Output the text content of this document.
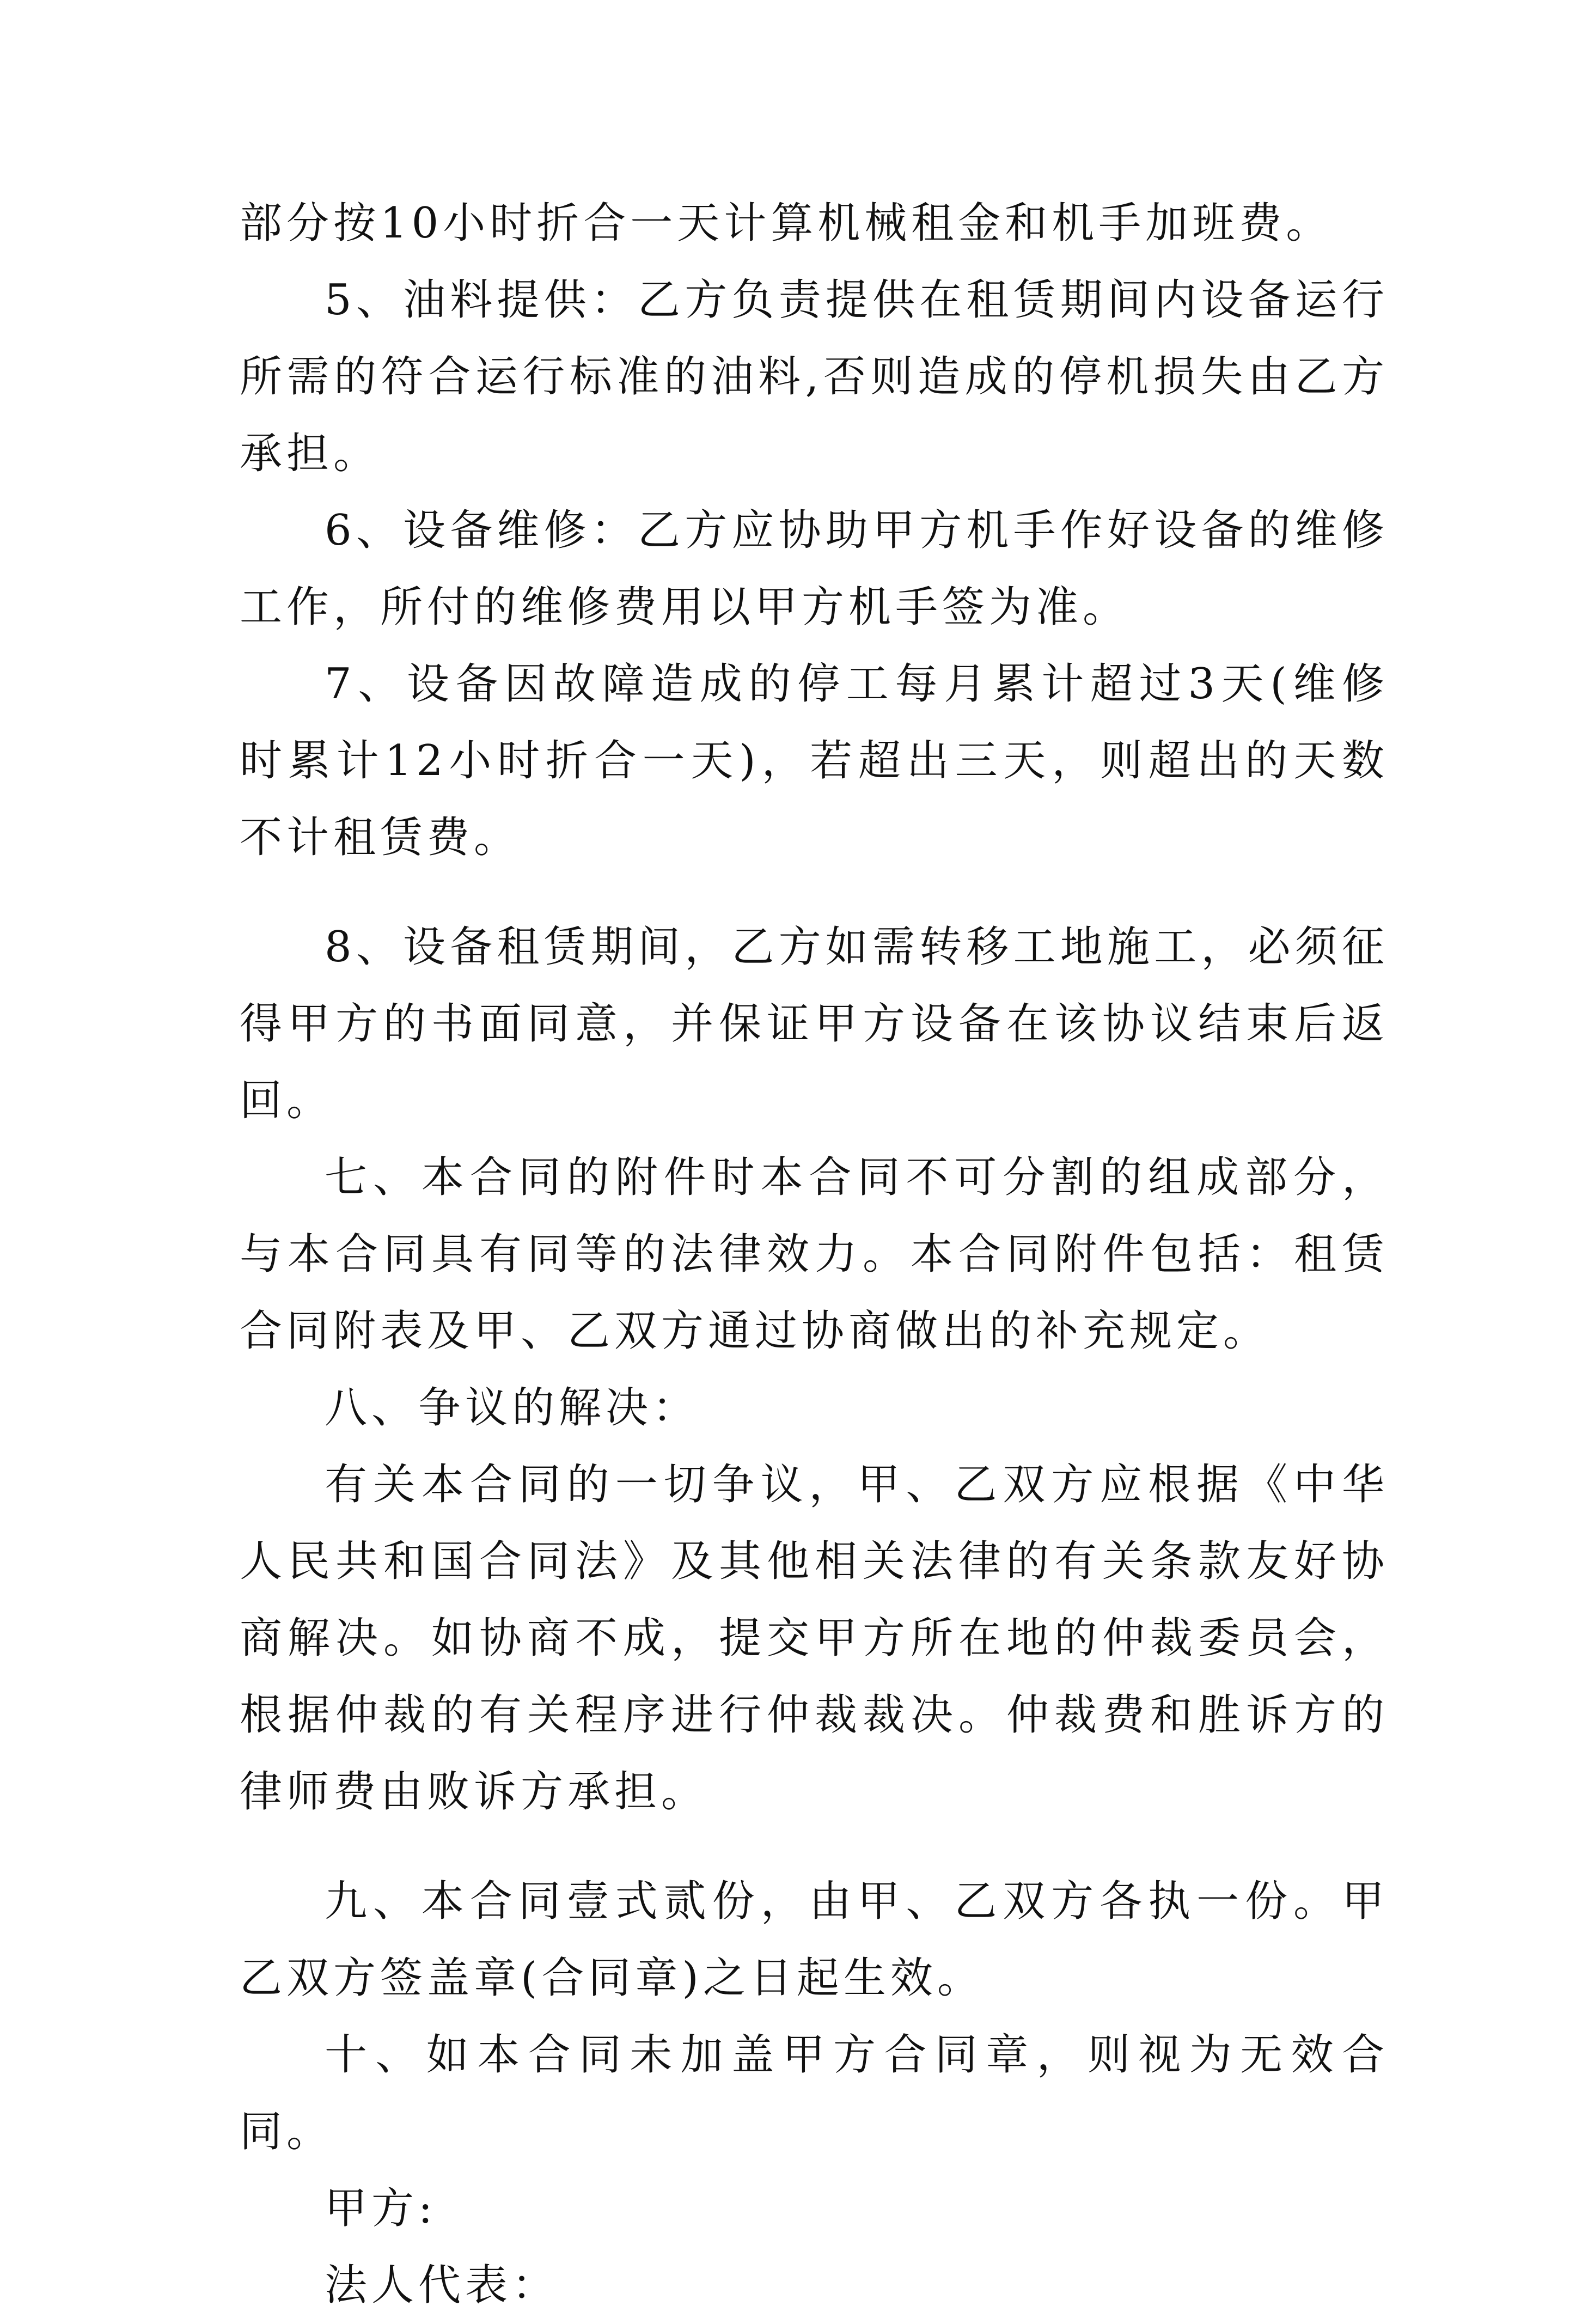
部分按10小时折合一天计算机械租金和机手加班费。

5、油料提供：乙方负责提供在租赁期间内设备运行所需的符合运行标准的油料,否则造成的停机损失由乙方承担。

6、设备维修：乙方应协助甲方机手作好设备的维修工作，所付的维修费用以甲方机手签为准。

7、设备因故障造成的停工每月累计超过3天(维修时累计12小时折合一天)，若超出三天，则超出的天数不计租赁费。

8、设备租赁期间，乙方如需转移工地施工，必须征得甲方的书面同意，并保证甲方设备在该协议结束后返回。

七、本合同的附件时本合同不可分割的组成部分，与本合同具有同等的法律效力。本合同附件包括：租赁合同附表及甲、乙双方通过协商做出的补充规定。

八、争议的解决：

有关本合同的一切争议，甲、乙双方应根据《中华人民共和国合同法》及其他相关法律的有关条款友好协商解决。如协商不成，提交甲方所在地的仲裁委员会，根据仲裁的有关程序进行仲裁裁决。仲裁费和胜诉方的律师费由败诉方承担。

九、本合同壹式贰份，由甲、乙双方各执一份。甲乙双方签盖章(合同章)之日起生效。

十、如本合同未加盖甲方合同章，则视为无效合同。

甲方:

法人代表：
